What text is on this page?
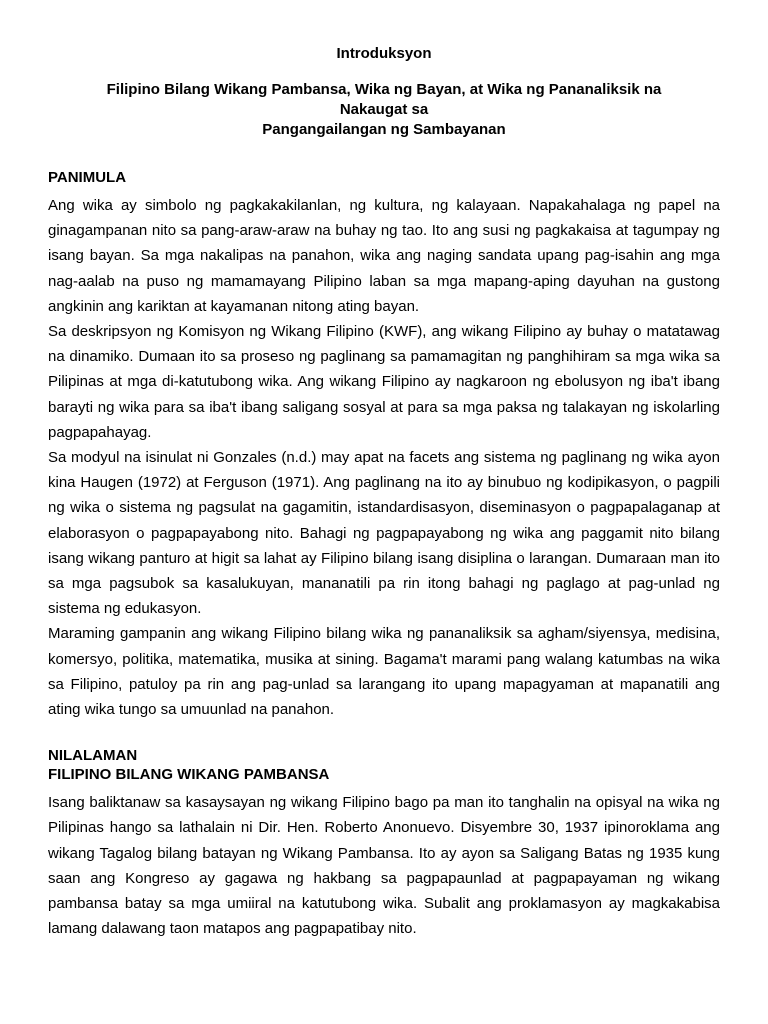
Introduksyon
Filipino Bilang Wikang Pambansa, Wika ng Bayan, at Wika ng Pananaliksik na
Nakaugat sa
Pangangailangan ng Sambayanan
PANIMULA

Ang wika ay simbolo ng pagkakakilanlan, ng kultura, ng kalayaan. Napakahalaga ng papel na ginagampanan nito sa pang-araw-araw na buhay ng tao. Ito ang susi ng pagkakaisa at tagumpay ng isang bayan. Sa mga nakalipas na panahon, wika ang naging sandata upang pag-isahin ang mga nag-aalab na puso ng mamamayang Pilipino laban sa mga mapang-aping dayuhan na gustong angkinin ang kariktan at kayamanan nitong ating bayan.

Sa deskripsyon ng Komisyon ng Wikang Filipino (KWF), ang wikang Filipino ay buhay o matatawag na dinamiko. Dumaan ito sa proseso ng paglinang sa pamamagitan ng panghihiram sa mga wika sa Pilipinas at mga di-katutubong wika. Ang wikang Filipino ay nagkaroon ng ebolusyon ng iba't ibang barayti ng wika para sa iba't ibang saligang sosyal at para sa mga paksa ng talakayan ng iskolarling pagpapahayag.

Sa modyul na isinulat ni Gonzales (n.d.) may apat na facets ang sistema ng paglinang ng wika ayon kina Haugen (1972) at Ferguson (1971). Ang paglinang na ito ay binubuo ng kodipikasyon, o pagpili ng wika o sistema ng pagsulat na gagamitin, istandardisasyon, diseminasyon o pagpapalaganap at elaborasyon o pagpapayabong nito. Bahagi ng pagpapayabong ng wika ang paggamit nito bilang isang wikang panturo at higit sa lahat ay Filipino bilang isang disiplina o larangan. Dumaraan man ito sa mga pagsubok sa kasalukuyan, mananatili pa rin itong bahagi ng paglago at pag-unlad ng sistema ng edukasyon.

Maraming gampanin ang wikang Filipino bilang wika ng pananaliksik sa agham/siyensya, medisina, komersyo, politika, matematika, musika at sining. Bagama't marami pang walang katumbas na wika sa Filipino, patuloy pa rin ang pag-unlad sa larangang ito upang mapagyaman at mapanatili ang ating wika tungo sa umuunlad na panahon.

NILALAMAN
FILIPINO BILANG WIKANG PAMBANSA

Isang baliktanaw sa kasaysayan ng wikang Filipino bago pa man ito tanghalin na opisyal na wika ng Pilipinas hango sa lathalain ni Dir. Hen. Roberto Anonuevo. Disyembre 30, 1937 ipinoroklama ang wikang Tagalog bilang batayan ng Wikang Pambansa. Ito ay ayon sa Saligang Batas ng 1935 kung saan ang Kongreso ay gagawa ng hakbang sa pagpapaunlad at pagpapayaman ng wikang pambansa batay sa mga umiiral na katutubong wika. Subalit ang proklamasyon ay magkakabisa lamang dalawang taon matapos ang pagpapatibay nito.
